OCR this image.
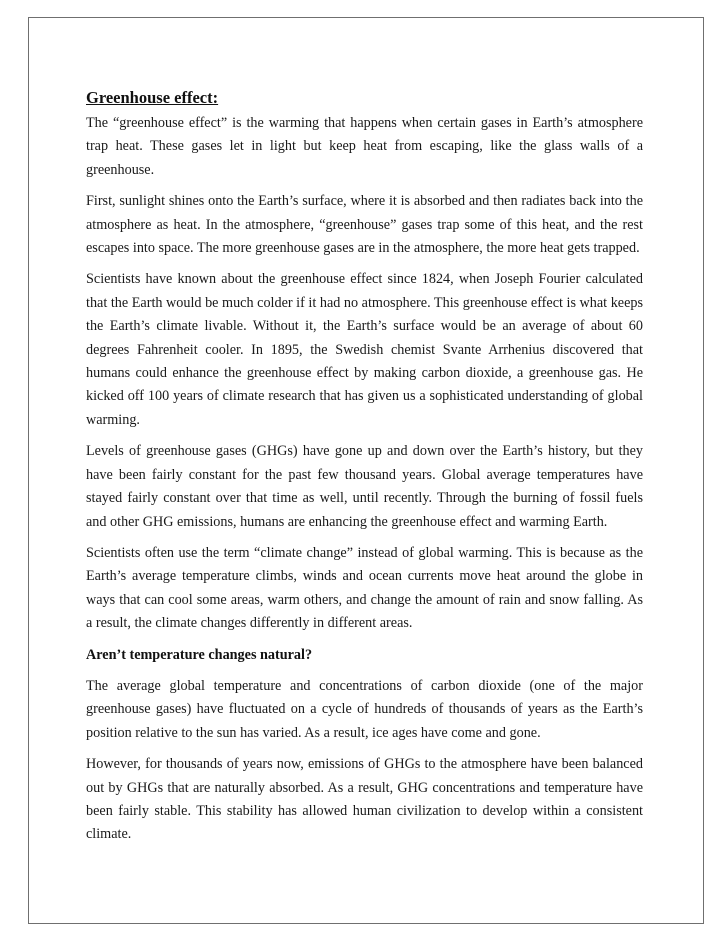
Greenhouse effect:

The “greenhouse effect” is the warming that happens when certain gases in Earth’s atmosphere trap heat. These gases let in light but keep heat from escaping, like the glass walls of a greenhouse.

First, sunlight shines onto the Earth’s surface, where it is absorbed and then radiates back into the atmosphere as heat. In the atmosphere, “greenhouse” gases trap some of this heat, and the rest escapes into space. The more greenhouse gases are in the atmosphere, the more heat gets trapped.

Scientists have known about the greenhouse effect since 1824, when Joseph Fourier calculated that the Earth would be much colder if it had no atmosphere. This greenhouse effect is what keeps the Earth’s climate livable. Without it, the Earth’s surface would be an average of about 60 degrees Fahrenheit cooler. In 1895, the Swedish chemist Svante Arrhenius discovered that humans could enhance the greenhouse effect by making carbon dioxide, a greenhouse gas. He kicked off 100 years of climate research that has given us a sophisticated understanding of global warming.

Levels of greenhouse gases (GHGs) have gone up and down over the Earth’s history, but they have been fairly constant for the past few thousand years. Global average temperatures have stayed fairly constant over that time as well, until recently. Through the burning of fossil fuels and other GHG emissions, humans are enhancing the greenhouse effect and warming Earth.

Scientists often use the term “climate change” instead of global warming. This is because as the Earth’s average temperature climbs, winds and ocean currents move heat around the globe in ways that can cool some areas, warm others, and change the amount of rain and snow falling. As a result, the climate changes differently in different areas.

Aren’t temperature changes natural?

The average global temperature and concentrations of carbon dioxide (one of the major greenhouse gases) have fluctuated on a cycle of hundreds of thousands of years as the Earth’s position relative to the sun has varied. As a result, ice ages have come and gone.

However, for thousands of years now, emissions of GHGs to the atmosphere have been balanced out by GHGs that are naturally absorbed. As a result, GHG concentrations and temperature have been fairly stable. This stability has allowed human civilization to develop within a consistent climate.
